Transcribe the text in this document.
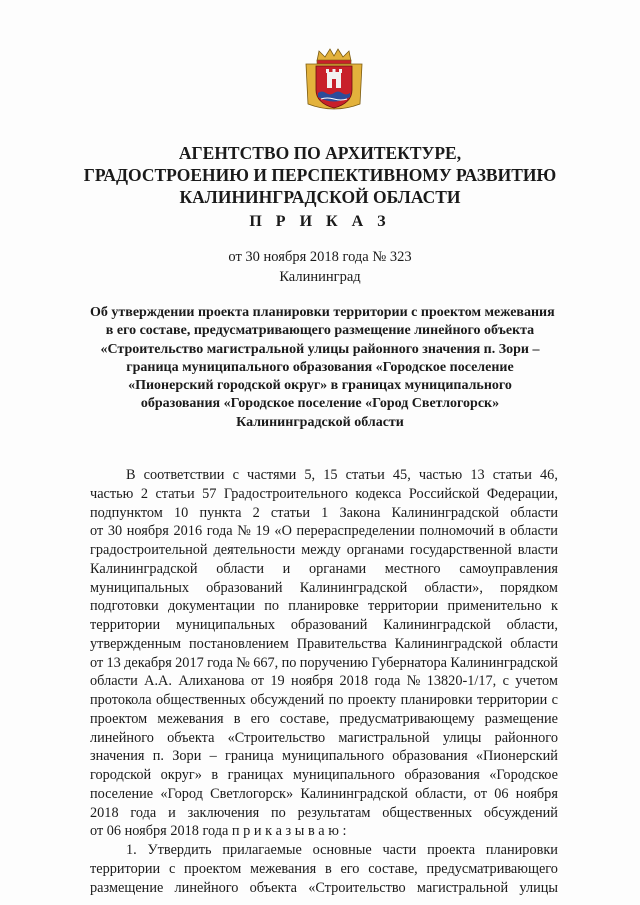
АГЕНТСТВО ПО АРХИТЕКТУРЕ,
ГРАДОСТРОЕНИЮ И ПЕРСПЕКТИВНОМУ РАЗВИТИЮ
КАЛИНИНГРАДСКОЙ ОБЛАСТИ
П Р И К А З
от 30 ноября 2018 года № 323
Калининград
Об утверждении проекта планировки территории с проектом межевания
в его составе, предусматривающего размещение линейного объекта
«Строительство магистральной улицы районного значения п. Зори –
граница муниципального образования «Городское поселение
«Пионерский городской округ» в границах муниципального
образования «Городское поселение «Город Светлогорск»
Калининградской области
В соответствии с частями 5, 15 статьи 45, частью 13 статьи 46,
частью 2 статьи 57 Градостроительного кодекса Российской Федерации,
подпунктом 10 пункта 2 статьи 1 Закона Калининградской области
от 30 ноября 2016 года № 19 «О перераспределении полномочий в области
градостроительной деятельности между органами государственной власти
Калининградской области и органами местного самоуправления
муниципальных образований Калининградской области», порядком
подготовки документации по планировке территории применительно к
территории муниципальных образований Калининградской области,
утвержденным постановлением Правительства Калининградской области
от 13 декабря 2017 года № 667, по поручению Губернатора Калининградской
области А.А. Алиханова от 19 ноября 2018 года № 13820-1/17, с учетом
протокола общественных обсуждений по проекту планировки территории с
проектом межевания в его составе, предусматривающему размещение
линейного объекта «Строительство магистральной улицы районного
значения п. Зори – граница муниципального образования «Пионерский
городской округ» в границах муниципального образования «Городское
поселение «Город Светлогорск» Калининградской области, от 06 ноября
2018 года и заключения по результатам общественных обсуждений
от 06 ноября 2018 года п р и к а з ы в а ю :
1. Утвердить прилагаемые основные части проекта планировки
территории с проектом межевания в его составе, предусматривающего
размещение линейного объекта «Строительство магистральной улицы
